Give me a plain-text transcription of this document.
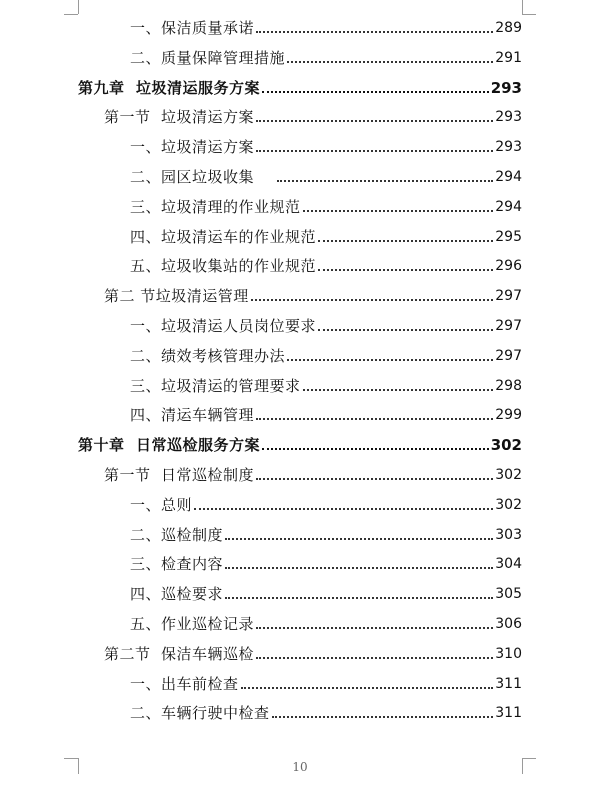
一、保洁质量承诺	289
二、质量保障管理措施	291
第九章  垃圾清运服务方案	293
第一节  垃圾清运方案	293
一、垃圾清运方案	293
二、园区垃圾收集	294
三、垃圾清理的作业规范	294
四、垃圾清运车的作业规范	295
五、垃圾收集站的作业规范	296
第二 节垃圾清运管理	297
一、垃圾清运人员岗位要求	297
二、绩效考核管理办法	297
三、垃圾清运的管理要求	298
四、清运车辆管理	299
第十章  日常巡检服务方案	302
第一节  日常巡检制度	302
一、总则	302
二、巡检制度	303
三、检查内容	304
四、巡检要求	305
五、作业巡检记录	306
第二节  保洁车辆巡检	310
一、出车前检查	311
二、车辆行驶中检查	311
10
